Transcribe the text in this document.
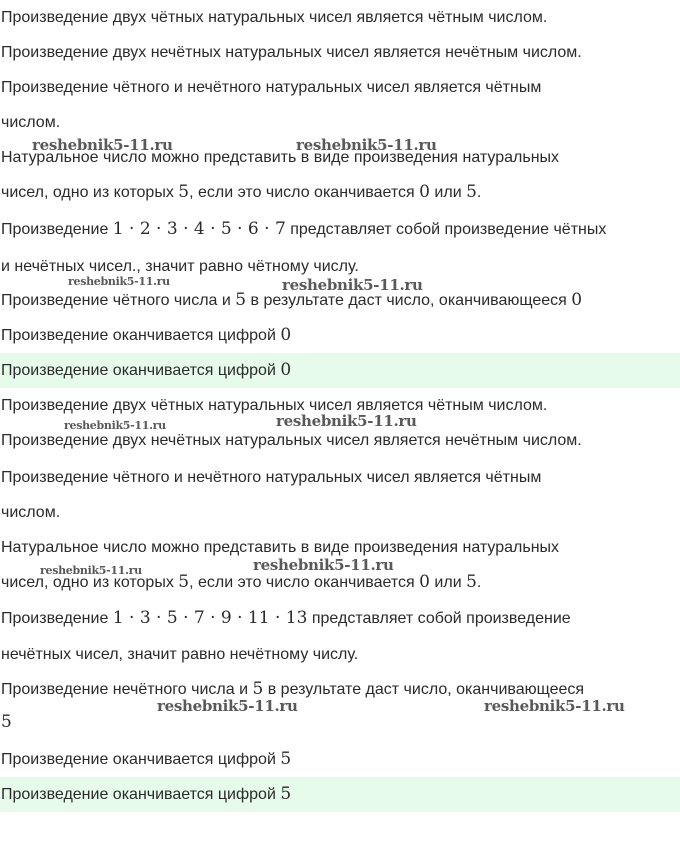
Произведение двух чётных натуральных чисел является чётным числом.
Произведение двух нечётных натуральных чисел является нечётным числом.
Произведение чётного и нечётного натуральных чисел является чётным
числом.
Натуральное число можно представить в виде произведения натуральных
чисел, одно из которых 5, если это число оканчивается 0 или 5.
Произведение 1 · 2 · 3 · 4 · 5 · 6 · 7 представляет собой произведение чётных
и нечётных чисел., значит равно чётному числу.
Произведение чётного числа и 5 в результате даст число, оканчивающееся 0
Произведение оканчивается цифрой 0
Произведение оканчивается цифрой 0
Произведение двух чётных натуральных чисел является чётным числом.
Произведение двух нечётных натуральных чисел является нечётным числом.
Произведение чётного и нечётного натуральных чисел является чётным
числом.
Натуральное число можно представить в виде произведения натуральных
чисел, одно из которых 5, если это число оканчивается 0 или 5.
Произведение 1 · 3 · 5 · 7 · 9 · 11 · 13 представляет собой произведение
нечётных чисел, значит равно нечётному числу.
Произведение нечётного числа и 5 в результате даст число, оканчивающееся
5
Произведение оканчивается цифрой 5
Произведение оканчивается цифрой 5
reshebnik5-11.ru	reshebnik5-11.ru
reshebnik5-11.ru	reshebnik5-11.ru
reshebnik5-11.ru	reshebnik5-11.ru
reshebnik5-11.ru	reshebnik5-11.ru
reshebnik5-11.ru	reshebnik5-11.ru
